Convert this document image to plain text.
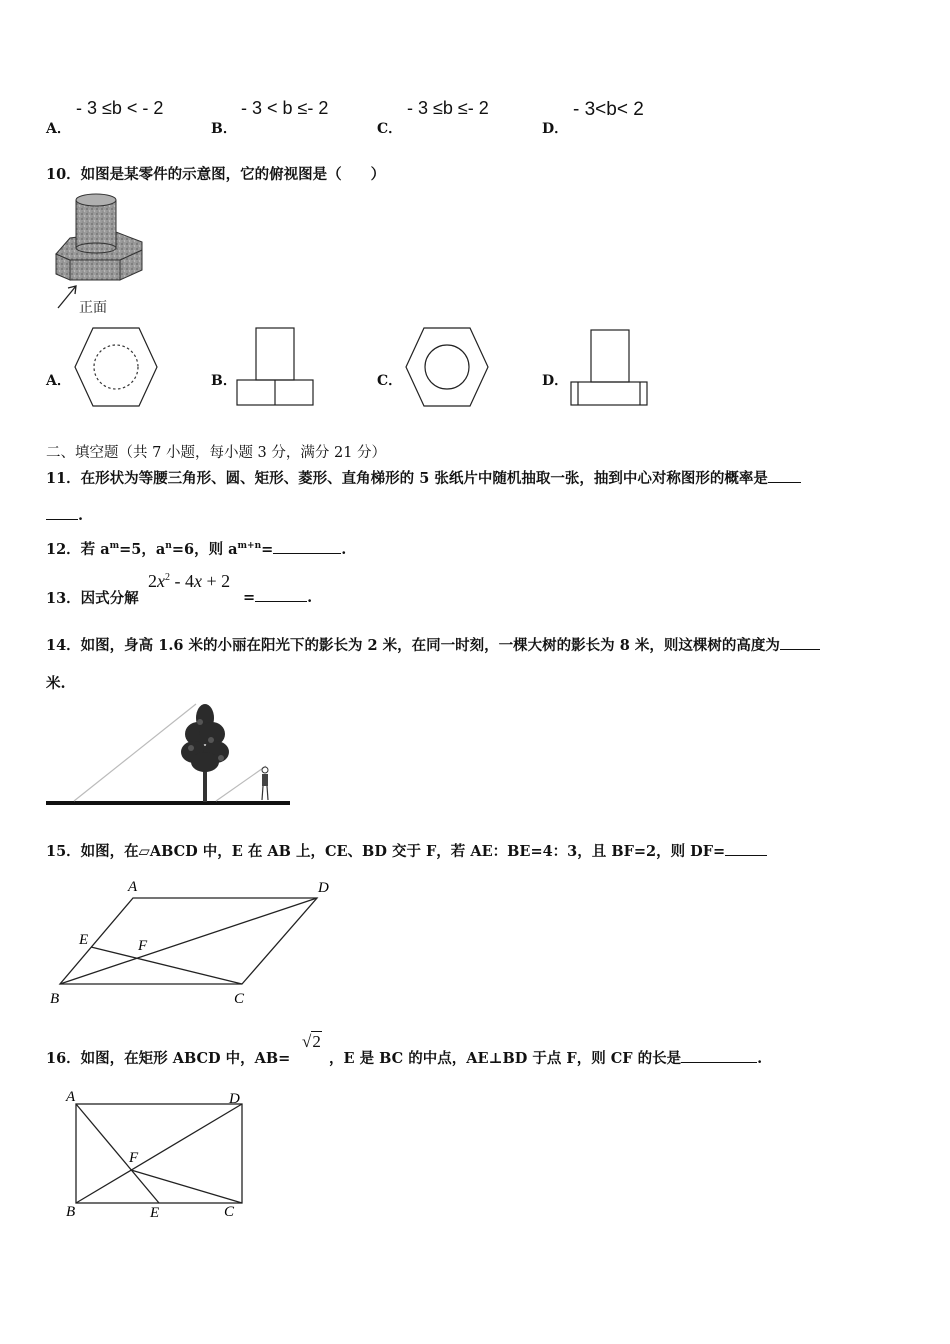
A．
- 3 ≤b < - 2
B．
- 3 < b ≤- 2
C．
- 3 ≤b ≤- 2
D．
- 3<b< 2
10．如图是某零件的示意图，它的俯视图是（　　）
正面
A．	B．	C．	D．
二、填空题（共 7 小题，每小题 3 分，满分 21 分）
11．在形状为等腰三角形、圆、矩形、菱形、直角梯形的 5 张纸片中随机抽取一张，抽到中心对称图形的概率是
.
12．若 $a^m=5$，$a^n=6$，则 $a^{m+n}=$	.
13．因式分解
$2x^2 - 4x + 2$
=	.
14．如图，身高 1.6 米的小丽在阳光下的影长为 2 米，在同一时刻，一棵大树的影长为 8 米，则这棵树的高度为
米.
15．如图，在▱ABCD 中，E 在 AB 上，CE、BD 交于 F，若 AE：BE=4：3，且 BF=2，则 DF=
A	D
E	F
B	C
16．如图，在矩形 ABCD 中，AB=
√2
，E 是 BC 的中点，AE⊥BD 于点 F，则 CF 的长是	.
A	D
F
B	E	C
